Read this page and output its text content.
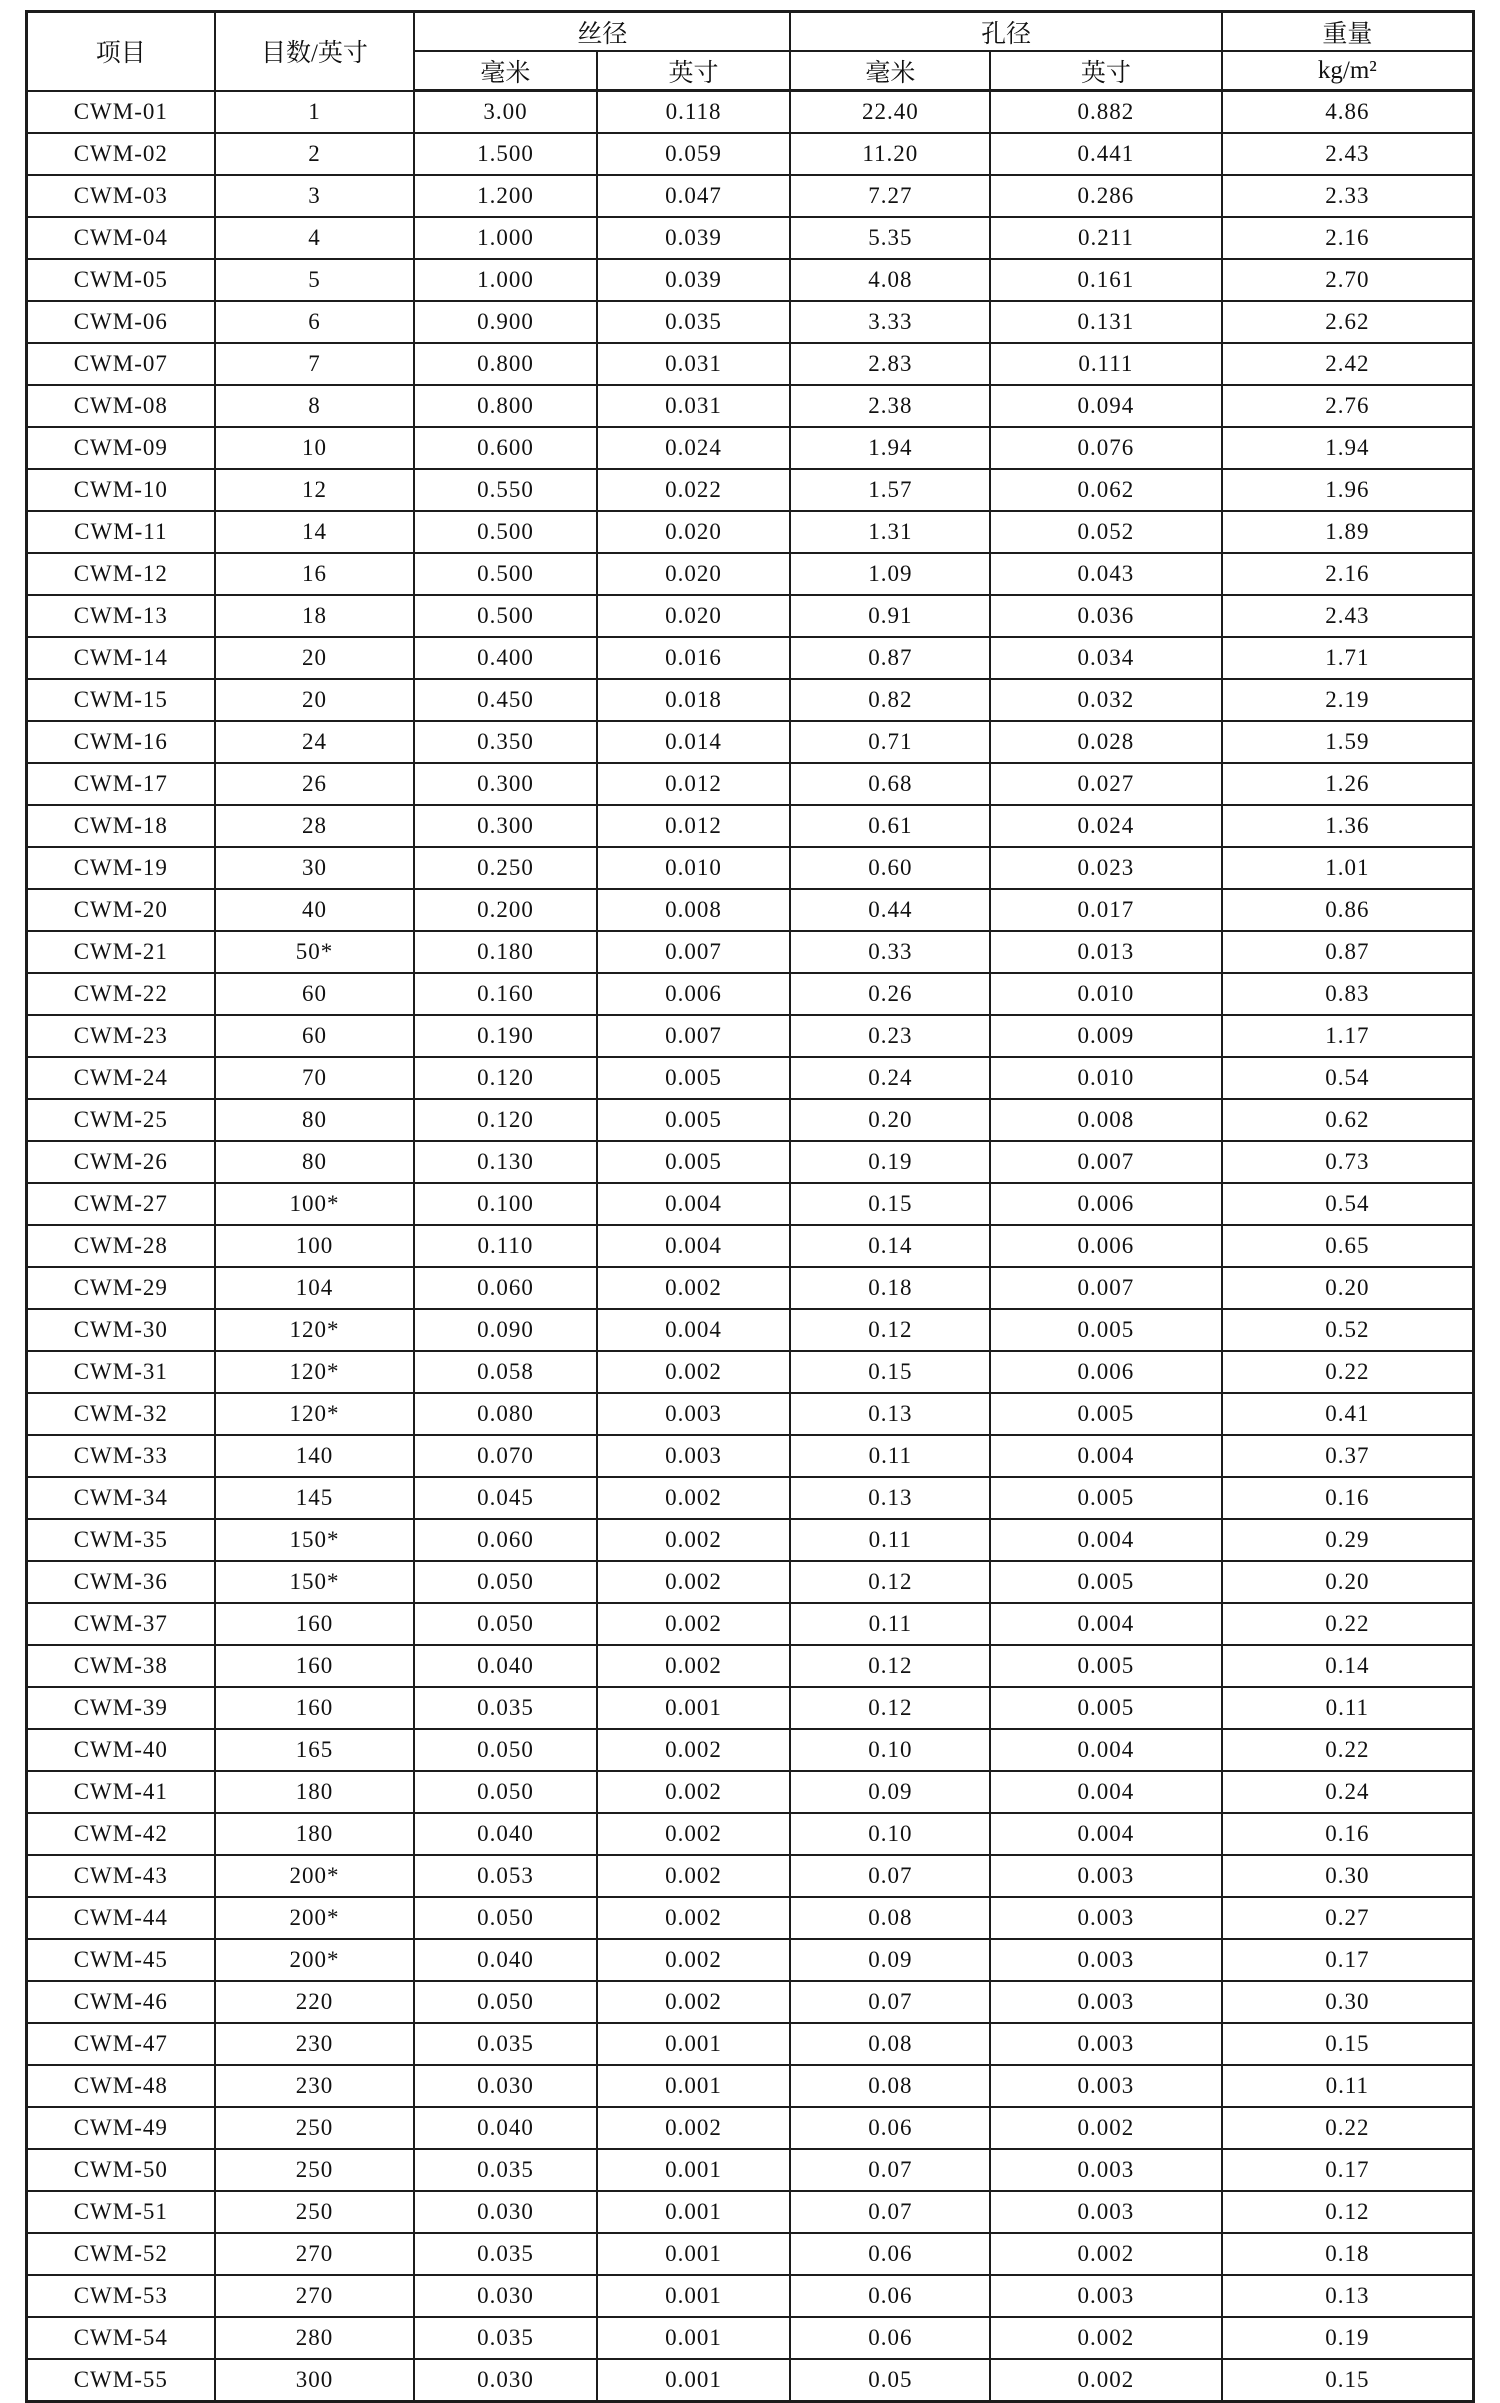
项目	目数/英寸	丝径		孔径		重量
		毫米	英寸	毫米	英寸	kg/m²
CWM-01	1	3.00	0.118	22.40	0.882	4.86
CWM-02	2	1.500	0.059	11.20	0.441	2.43
CWM-03	3	1.200	0.047	7.27	0.286	2.33
CWM-04	4	1.000	0.039	5.35	0.211	2.16
CWM-05	5	1.000	0.039	4.08	0.161	2.70
CWM-06	6	0.900	0.035	3.33	0.131	2.62
CWM-07	7	0.800	0.031	2.83	0.111	2.42
CWM-08	8	0.800	0.031	2.38	0.094	2.76
CWM-09	10	0.600	0.024	1.94	0.076	1.94
CWM-10	12	0.550	0.022	1.57	0.062	1.96
CWM-11	14	0.500	0.020	1.31	0.052	1.89
CWM-12	16	0.500	0.020	1.09	0.043	2.16
CWM-13	18	0.500	0.020	0.91	0.036	2.43
CWM-14	20	0.400	0.016	0.87	0.034	1.71
CWM-15	20	0.450	0.018	0.82	0.032	2.19
CWM-16	24	0.350	0.014	0.71	0.028	1.59
CWM-17	26	0.300	0.012	0.68	0.027	1.26
CWM-18	28	0.300	0.012	0.61	0.024	1.36
CWM-19	30	0.250	0.010	0.60	0.023	1.01
CWM-20	40	0.200	0.008	0.44	0.017	0.86
CWM-21	50*	0.180	0.007	0.33	0.013	0.87
CWM-22	60	0.160	0.006	0.26	0.010	0.83
CWM-23	60	0.190	0.007	0.23	0.009	1.17
CWM-24	70	0.120	0.005	0.24	0.010	0.54
CWM-25	80	0.120	0.005	0.20	0.008	0.62
CWM-26	80	0.130	0.005	0.19	0.007	0.73
CWM-27	100*	0.100	0.004	0.15	0.006	0.54
CWM-28	100	0.110	0.004	0.14	0.006	0.65
CWM-29	104	0.060	0.002	0.18	0.007	0.20
CWM-30	120*	0.090	0.004	0.12	0.005	0.52
CWM-31	120*	0.058	0.002	0.15	0.006	0.22
CWM-32	120*	0.080	0.003	0.13	0.005	0.41
CWM-33	140	0.070	0.003	0.11	0.004	0.37
CWM-34	145	0.045	0.002	0.13	0.005	0.16
CWM-35	150*	0.060	0.002	0.11	0.004	0.29
CWM-36	150*	0.050	0.002	0.12	0.005	0.20
CWM-37	160	0.050	0.002	0.11	0.004	0.22
CWM-38	160	0.040	0.002	0.12	0.005	0.14
CWM-39	160	0.035	0.001	0.12	0.005	0.11
CWM-40	165	0.050	0.002	0.10	0.004	0.22
CWM-41	180	0.050	0.002	0.09	0.004	0.24
CWM-42	180	0.040	0.002	0.10	0.004	0.16
CWM-43	200*	0.053	0.002	0.07	0.003	0.30
CWM-44	200*	0.050	0.002	0.08	0.003	0.27
CWM-45	200*	0.040	0.002	0.09	0.003	0.17
CWM-46	220	0.050	0.002	0.07	0.003	0.30
CWM-47	230	0.035	0.001	0.08	0.003	0.15
CWM-48	230	0.030	0.001	0.08	0.003	0.11
CWM-49	250	0.040	0.002	0.06	0.002	0.22
CWM-50	250	0.035	0.001	0.07	0.003	0.17
CWM-51	250	0.030	0.001	0.07	0.003	0.12
CWM-52	270	0.035	0.001	0.06	0.002	0.18
CWM-53	270	0.030	0.001	0.06	0.003	0.13
CWM-54	280	0.035	0.001	0.06	0.002	0.19
CWM-55	300	0.030	0.001	0.05	0.002	0.15
